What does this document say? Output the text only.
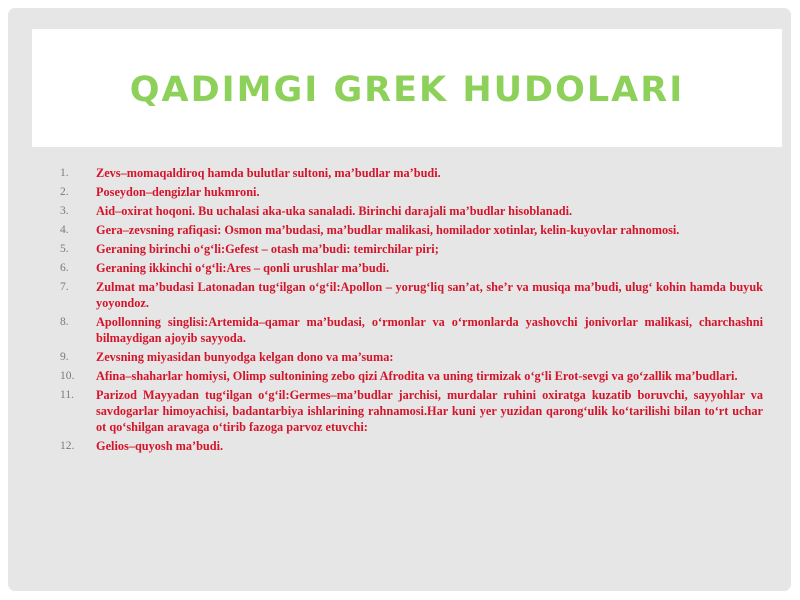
QADIMGI GREK HUDOLARI
1.	Zevs–momaqaldiroq hamda bulutlar sultoni, ma’budlar ma’budi.
2.	Poseydon–dengizlar hukmroni.
3.	Aid–oxirat hoqoni. Bu uchalasi aka-uka sanaladi. Birinchi darajali ma’budlar hisoblanadi.
4.	Gera–zevsning rafiqasi: Osmon ma’budasi, ma’budlar malikasi, homilador xotinlar, kelin-kuyovlar rahnomosi.
5.	Geraning birinchi o‘g‘li:Gefest – otash ma’budi: temirchilar piri;
6.	Geraning ikkinchi o‘g‘li:Ares – qonli urushlar ma’budi.
7.	Zulmat ma’budasi Latonadan tug‘ilgan o‘g‘il:Apollon – yorug‘liq san’at, she’r va musiqa ma’budi, ulug‘ kohin hamda buyuk yoyondoz.
8.	Apollonning singlisi:Artemida–qamar ma’budasi, o‘rmonlar va o‘rmonlarda yashovchi jonivorlar malikasi, charchashni bilmaydigan ajoyib sayyoda.
9.	Zevsning miyasidan bunyodga kelgan dono va ma’suma:
10.	Afina–shaharlar homiysi, Olimp sultonining zebo qizi Afrodita va uning tirmizak o‘g‘li Erot-sevgi va go‘zallik ma’budlari.
11.	Parizod Mayyadan tug‘ilgan o‘g‘il:Germes–ma’budlar jarchisi, murdalar ruhini oxiratga kuzatib boruvchi, sayyohlar va savdogarlar himoyachisi, badantarbiya ishlarining rahnamosi.Har kuni yer yuzidan qarong‘ulik ko‘tarilishi bilan to‘rt uchar ot qo‘shilgan aravaga o‘tirib fazoga parvoz etuvchi:
12.	Gelios–quyosh ma’budi.
